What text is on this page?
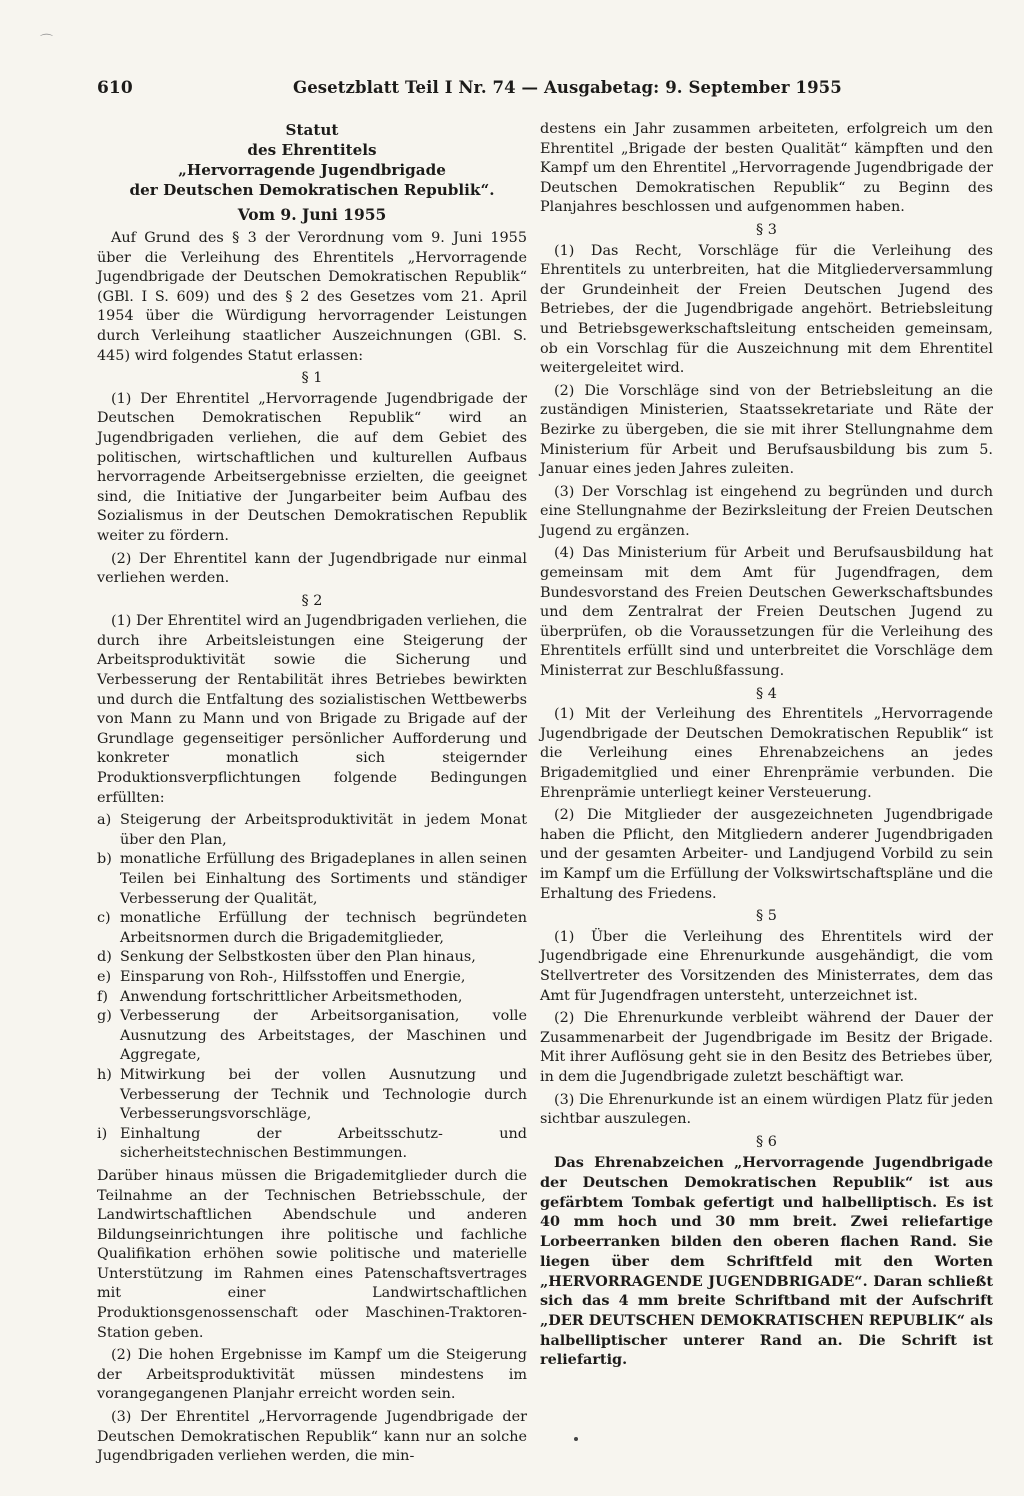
⌒
610	Gesetzblatt Teil I Nr. 74 — Ausgabetag: 9. September 1955
Statut
des Ehrentitels
„Hervorragende Jugendbrigade
der Deutschen Demokratischen Republik“.
Vom 9. Juni 1955

Auf Grund des § 3 der Verordnung vom 9. Juni 1955 über die Verleihung des Ehrentitels „Hervorragende Jugendbrigade der Deutschen Demokratischen Republik“ (GBl. I S. 609) und des § 2 des Gesetzes vom 21. April 1954 über die Würdigung hervorragender Leistungen durch Verleihung staatlicher Auszeichnungen (GBl. S. 445) wird folgendes Statut erlassen:

§ 1

(1) Der Ehrentitel „Hervorragende Jugendbrigade der Deutschen Demokratischen Republik“ wird an Jugendbrigaden verliehen, die auf dem Gebiet des politischen, wirtschaftlichen und kulturellen Aufbaus hervorragende Arbeitsergebnisse erzielten, die geeignet sind, die Initiative der Jungarbeiter beim Aufbau des Sozialismus in der Deutschen Demokratischen Republik weiter zu fördern.

(2) Der Ehrentitel kann der Jugendbrigade nur einmal verliehen werden.

§ 2

(1) Der Ehrentitel wird an Jugendbrigaden verliehen, die durch ihre Arbeitsleistungen eine Steigerung der Arbeitsproduktivität sowie die Sicherung und Verbesserung der Rentabilität ihres Betriebes bewirkten und durch die Entfaltung des sozialistischen Wettbewerbs von Mann zu Mann und von Brigade zu Brigade auf der Grundlage gegenseitiger persönlicher Aufforderung und konkreter monatlich sich steigernder Produktionsverpflichtungen folgende Bedingungen erfüllten:

a) Steigerung der Arbeitsproduktivität in jedem Monat über den Plan,
b) monatliche Erfüllung des Brigadeplanes in allen seinen Teilen bei Einhaltung des Sortiments und ständiger Verbesserung der Qualität,
c) monatliche Erfüllung der technisch begründeten Arbeitsnormen durch die Brigademitglieder,
d) Senkung der Selbstkosten über den Plan hinaus,
e) Einsparung von Roh-, Hilfsstoffen und Energie,
f) Anwendung fortschrittlicher Arbeitsmethoden,
g) Verbesserung der Arbeitsorganisation, volle Ausnutzung des Arbeitstages, der Maschinen und Aggregate,
h) Mitwirkung bei der vollen Ausnutzung und Verbesserung der Technik und Technologie durch Verbesserungsvorschläge,
i) Einhaltung der Arbeitsschutz- und sicherheitstechnischen Bestimmungen.

Darüber hinaus müssen die Brigademitglieder durch die Teilnahme an der Technischen Betriebsschule, der Landwirtschaftlichen Abendschule und anderen Bildungseinrichtungen ihre politische und fachliche Qualifikation erhöhen sowie politische und materielle Unterstützung im Rahmen eines Patenschaftsvertrages mit einer Landwirtschaftlichen Produktionsgenossenschaft oder Maschinen-Traktoren-Station geben.

(2) Die hohen Ergebnisse im Kampf um die Steigerung der Arbeitsproduktivität müssen mindestens im vorangegangenen Planjahr erreicht worden sein.

(3) Der Ehrentitel „Hervorragende Jugendbrigade der Deutschen Demokratischen Republik“ kann nur an solche Jugendbrigaden verliehen werden, die min-

destens ein Jahr zusammen arbeiteten, erfolgreich um den Ehrentitel „Brigade der besten Qualität“ kämpften und den Kampf um den Ehrentitel „Hervorragende Jugendbrigade der Deutschen Demokratischen Republik“ zu Beginn des Planjahres beschlossen und aufgenommen haben.

§ 3

(1) Das Recht, Vorschläge für die Verleihung des Ehrentitels zu unterbreiten, hat die Mitgliederversammlung der Grundeinheit der Freien Deutschen Jugend des Betriebes, der die Jugendbrigade angehört. Betriebsleitung und Betriebsgewerkschaftsleitung entscheiden gemeinsam, ob ein Vorschlag für die Auszeichnung mit dem Ehrentitel weitergeleitet wird.

(2) Die Vorschläge sind von der Betriebsleitung an die zuständigen Ministerien, Staatssekretariate und Räte der Bezirke zu übergeben, die sie mit ihrer Stellungnahme dem Ministerium für Arbeit und Berufsausbildung bis zum 5. Januar eines jeden Jahres zuleiten.

(3) Der Vorschlag ist eingehend zu begründen und durch eine Stellungnahme der Bezirksleitung der Freien Deutschen Jugend zu ergänzen.

(4) Das Ministerium für Arbeit und Berufsausbildung hat gemeinsam mit dem Amt für Jugendfragen, dem Bundesvorstand des Freien Deutschen Gewerkschaftsbundes und dem Zentralrat der Freien Deutschen Jugend zu überprüfen, ob die Voraussetzungen für die Verleihung des Ehrentitels erfüllt sind und unterbreitet die Vorschläge dem Ministerrat zur Beschlußfassung.

§ 4

(1) Mit der Verleihung des Ehrentitels „Hervorragende Jugendbrigade der Deutschen Demokratischen Republik“ ist die Verleihung eines Ehrenabzeichens an jedes Brigademitglied und einer Ehrenprämie verbunden. Die Ehrenprämie unterliegt keiner Versteuerung.

(2) Die Mitglieder der ausgezeichneten Jugendbrigade haben die Pflicht, den Mitgliedern anderer Jugendbrigaden und der gesamten Arbeiter- und Landjugend Vorbild zu sein im Kampf um die Erfüllung der Volkswirtschaftspläne und die Erhaltung des Friedens.

§ 5

(1) Über die Verleihung des Ehrentitels wird der Jugendbrigade eine Ehrenurkunde ausgehändigt, die vom Stellvertreter des Vorsitzenden des Ministerrates, dem das Amt für Jugendfragen untersteht, unterzeichnet ist.

(2) Die Ehrenurkunde verbleibt während der Dauer der Zusammenarbeit der Jugendbrigade im Besitz der Brigade. Mit ihrer Auflösung geht sie in den Besitz des Betriebes über, in dem die Jugendbrigade zuletzt beschäftigt war.

(3) Die Ehrenurkunde ist an einem würdigen Platz für jeden sichtbar auszulegen.

§ 6

Das Ehrenabzeichen „Hervorragende Jugendbrigade der Deutschen Demokratischen Republik“ ist aus gefärbtem Tombak gefertigt und halbelliptisch. Es ist 40 mm hoch und 30 mm breit. Zwei reliefartige Lorbeerranken bilden den oberen flachen Rand. Sie liegen über dem Schriftfeld mit den Worten „HERVORRAGENDE JUGENDBRIGADE“. Daran schließt sich das 4 mm breite Schriftband mit der Aufschrift „DER DEUTSCHEN DEMOKRATISCHEN REPUBLIK“ als halbelliptischer unterer Rand an. Die Schrift ist reliefartig.
